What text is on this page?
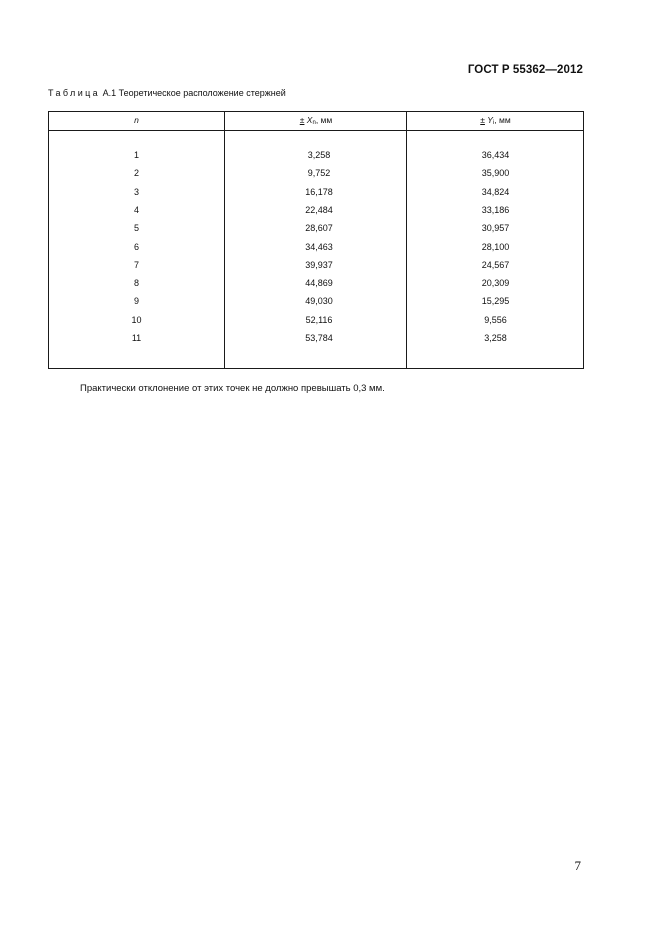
ГОСТ Р 55362—2012
Таблица А.1 Теоретическое расположение стержней
n
1
2
3
4
5
6
7
8
9
10
11
± $X_n$, мм
3,258
9,752
16,178
22,484
28,607
34,463
39,937
44,869
49,030
52,116
53,784
± $Y_i$, мм
36,434
35,900
34,824
33,186
30,957
28,100
24,567
20,309
15,295
9,556
3,258
Практически отклонение от этих точек не должно превышать 0,3 мм.
7
